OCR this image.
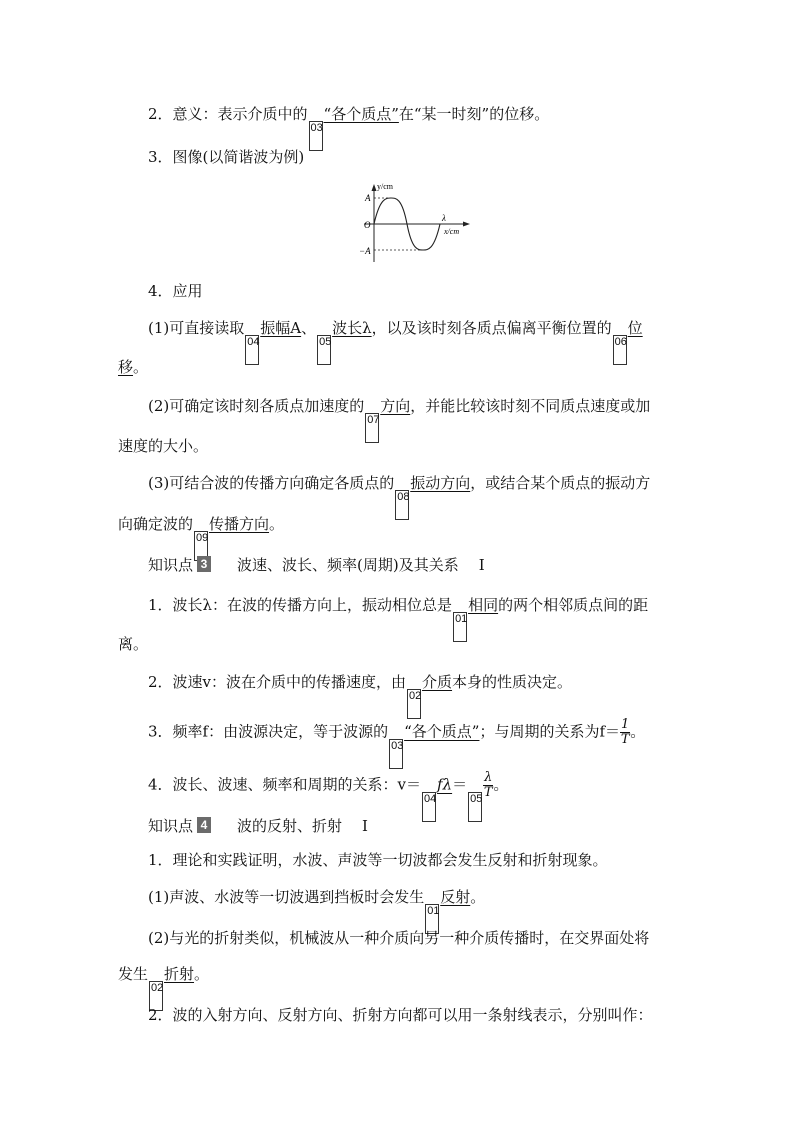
2．意义：表示介质中的03“各个质点”在“某一时刻”的位移。
3．图像(以简谐波为例)
y/cm
x/cm
A
O
−A
λ
4．应用
(1)可直接读取04振幅A、05波长λ，以及该时刻各质点偏离平衡位置的06位
移。
(2)可确定该时刻各质点加速度的07方向，并能比较该时刻不同质点速度或加
速度的大小。
(3)可结合波的传播方向确定各质点的08振动方向，或结合某个质点的振动方
向确定波的09传播方向。
知识点 3 波速、波长、频率(周期)及其关系 Ⅰ
1．波长λ：在波的传播方向上，振动相位总是01相同的两个相邻质点间的距
离。
2．波速v：波在介质中的传播速度，由02介质本身的性质决定。
3．频率f：由波源决定，等于波源的03“各个质点”；与周期的关系为$f= \frac{1}{T}$ 。
4．波长、波速、频率和周期的关系：$v=04f\lambda=05 \frac{\lambda}{T}$ 。
知识点 4 波的反射、折射 Ⅰ
1．理论和实践证明，水波、声波等一切波都会发生反射和折射现象。
(1)声波、水波等一切波遇到挡板时会发生01反射。
(2)与光的折射类似，机械波从一种介质向另一种介质传播时，在交界面处将
发生02折射。
2．波的入射方向、反射方向、折射方向都可以用一条射线表示，分别叫作：
